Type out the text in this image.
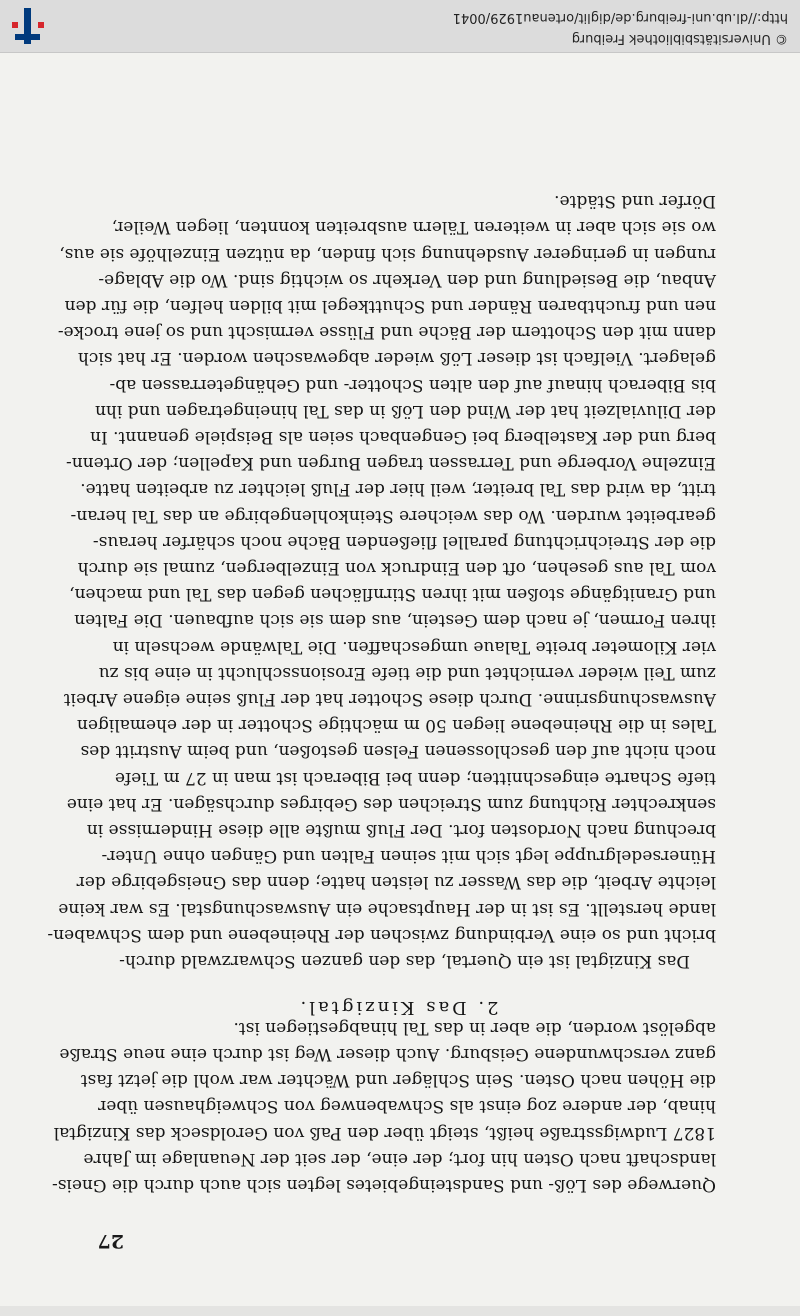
27
Querwege des Löß- und Sandsteingebietes legten sich auch durch die Gneis-
landschaft nach Osten hin fort; der eine, der seit der Neuanlage im Jahre
1827 Ludwigsstraße heißt, steigt über den Paß von Geroldseck das Kinzigtal
hinab, der andere zog einst als Schwabenweg von Schweighausen über
die Höhen nach Osten. Sein Schläger und Wächter war wohl die jetzt fast
ganz verschwundene Geisburg. Auch dieser Weg ist durch eine neue Straße
abgelöst worden, die aber in das Tal hinabgestiegen ist.
2. Das Kinzigtal.
Das Kinzigtal ist ein Quertal, das den ganzen Schwarzwald durch-
bricht und so eine Verbindung zwischen der Rheinebene und dem Schwaben-
lande herstellt. Es ist in der Hauptsache ein Auswaschungstal. Es war keine
leichte Arbeit, die das Wasser zu leisten hatte; denn das Gneisgebirge der
Hünersedelgruppe legt sich mit seinen Falten und Gängen ohne Unter-
brechung nach Nordosten fort. Der Fluß mußte alle diese Hindernisse in
senkrechter Richtung zum Streichen des Gebirges durchsägen. Er hat eine
tiefe Scharte eingeschnitten; denn bei Biberach ist man in 27 m Tiefe
noch nicht auf den geschlossenen Felsen gestoßen, und beim Austritt des
Tales in die Rheinebene liegen 50 m mächtige Schotter in der ehemaligen
Auswaschungsrinne. Durch diese Schotter hat der Fluß seine eigene Arbeit
zum Teil wieder vernichtet und die tiefe Erosionsschlucht in eine bis zu
vier Kilometer breite Talaue umgeschaffen. Die Talwände wechseln in
ihren Formen, je nach dem Gestein, aus dem sie sich aufbauen. Die Falten
und Granitgänge stoßen mit ihren Stirnflächen gegen das Tal und machen,
vom Tal aus gesehen, oft den Eindruck von Einzelbergen, zumal sie durch
die der Streichrichtung parallel fließenden Bäche noch schärfer heraus-
gearbeitet wurden. Wo das weichere Steinkohlengebirge an das Tal heran-
tritt, da wird das Tal breiter, weil hier der Fluß leichter zu arbeiten hatte.
Einzelne Vorberge und Terrassen tragen Burgen und Kapellen; der Ortenn-
berg und der Kastelberg bei Gengenbach seien als Beispiele genannt. In
der Diluvialzeit hat der Wind den Löß in das Tal hineingetragen und ihn
bis Biberach hinauf auf den alten Schotter- und Gehängeterrassen ab-
gelagert. Vielfach ist dieser Löß wieder abgewaschen worden. Er hat sich
dann mit den Schottern der Bäche und Flüsse vermischt und so jene trocke-
nen und fruchtbaren Ränder und Schuttkegel mit bilden helfen, die für den
Anbau, die Besiedlung und den Verkehr so wichtig sind. Wo die Ablage-
rungen in geringerer Ausdehnung sich finden, da nützen Einzelhöfe sie aus,
wo sie sich aber in weiteren Tälern ausbreiten konnten, liegen Weiler,
Dörfer und Städte.
© Universitätsbibliothek Freiburg
http://dl.ub.uni-freiburg.de/diglit/ortenau1929/0041
